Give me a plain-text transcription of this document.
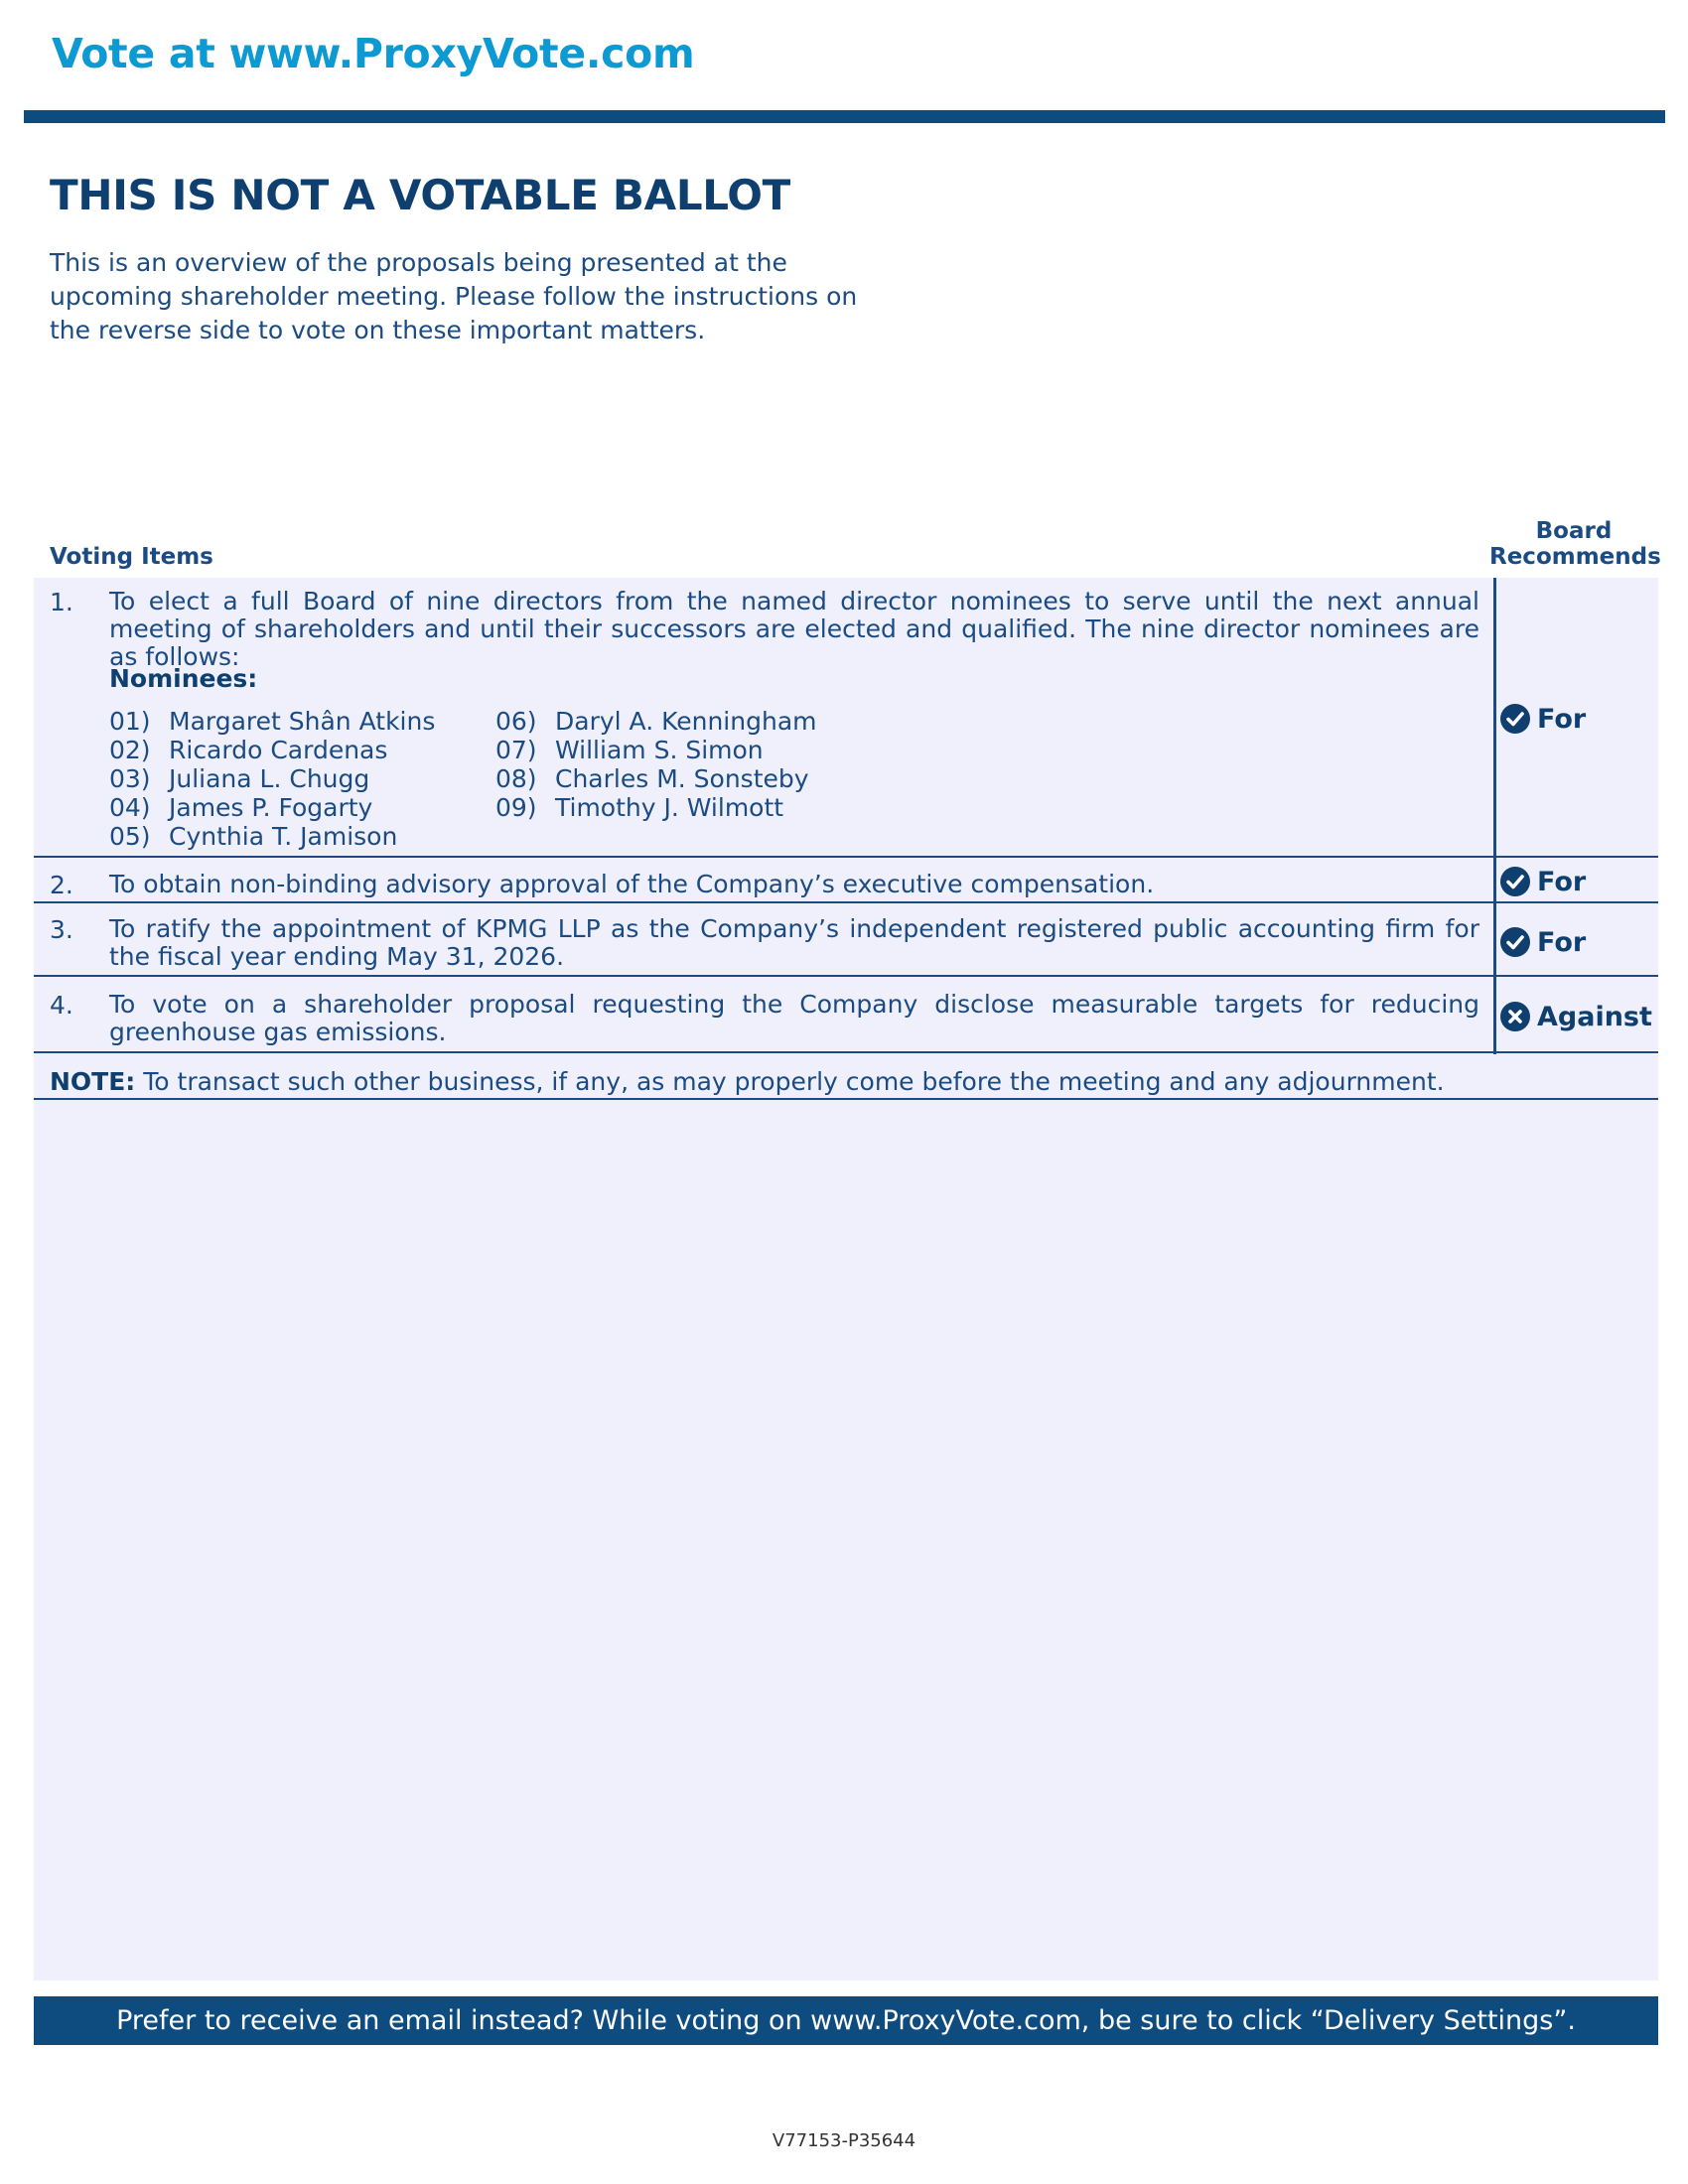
Vote at www.ProxyVote.com
THIS IS NOT A VOTABLE BALLOT
This is an overview of the proposals being presented at the upcoming shareholder meeting. Please follow the instructions on the reverse side to vote on these important matters.
Voting Items
Board
Recommends
1. To elect a full Board of nine directors from the named director nominees to serve until the next annual meeting of shareholders and until their successors are elected and qualified. The nine director nominees are as follows:
Nominees:
01) Margaret Shân Atkins
02) Ricardo Cardenas
03) Juliana L. Chugg
04) James P. Fogarty
05) Cynthia T. Jamison
06) Daryl A. Kenningham
07) William S. Simon
08) Charles M. Sonsteby
09) Timothy J. Wilmott
For
2. To obtain non-binding advisory approval of the Company’s executive compensation.	For
3. To ratify the appointment of KPMG LLP as the Company’s independent registered public accounting firm for the fiscal year ending May 31, 2026.	For
4. To vote on a shareholder proposal requesting the Company disclose measurable targets for reducing greenhouse gas emissions.	Against
NOTE: To transact such other business, if any, as may properly come before the meeting and any adjournment.
Prefer to receive an email instead? While voting on www.ProxyVote.com, be sure to click “Delivery Settings”.
V77153-P35644
